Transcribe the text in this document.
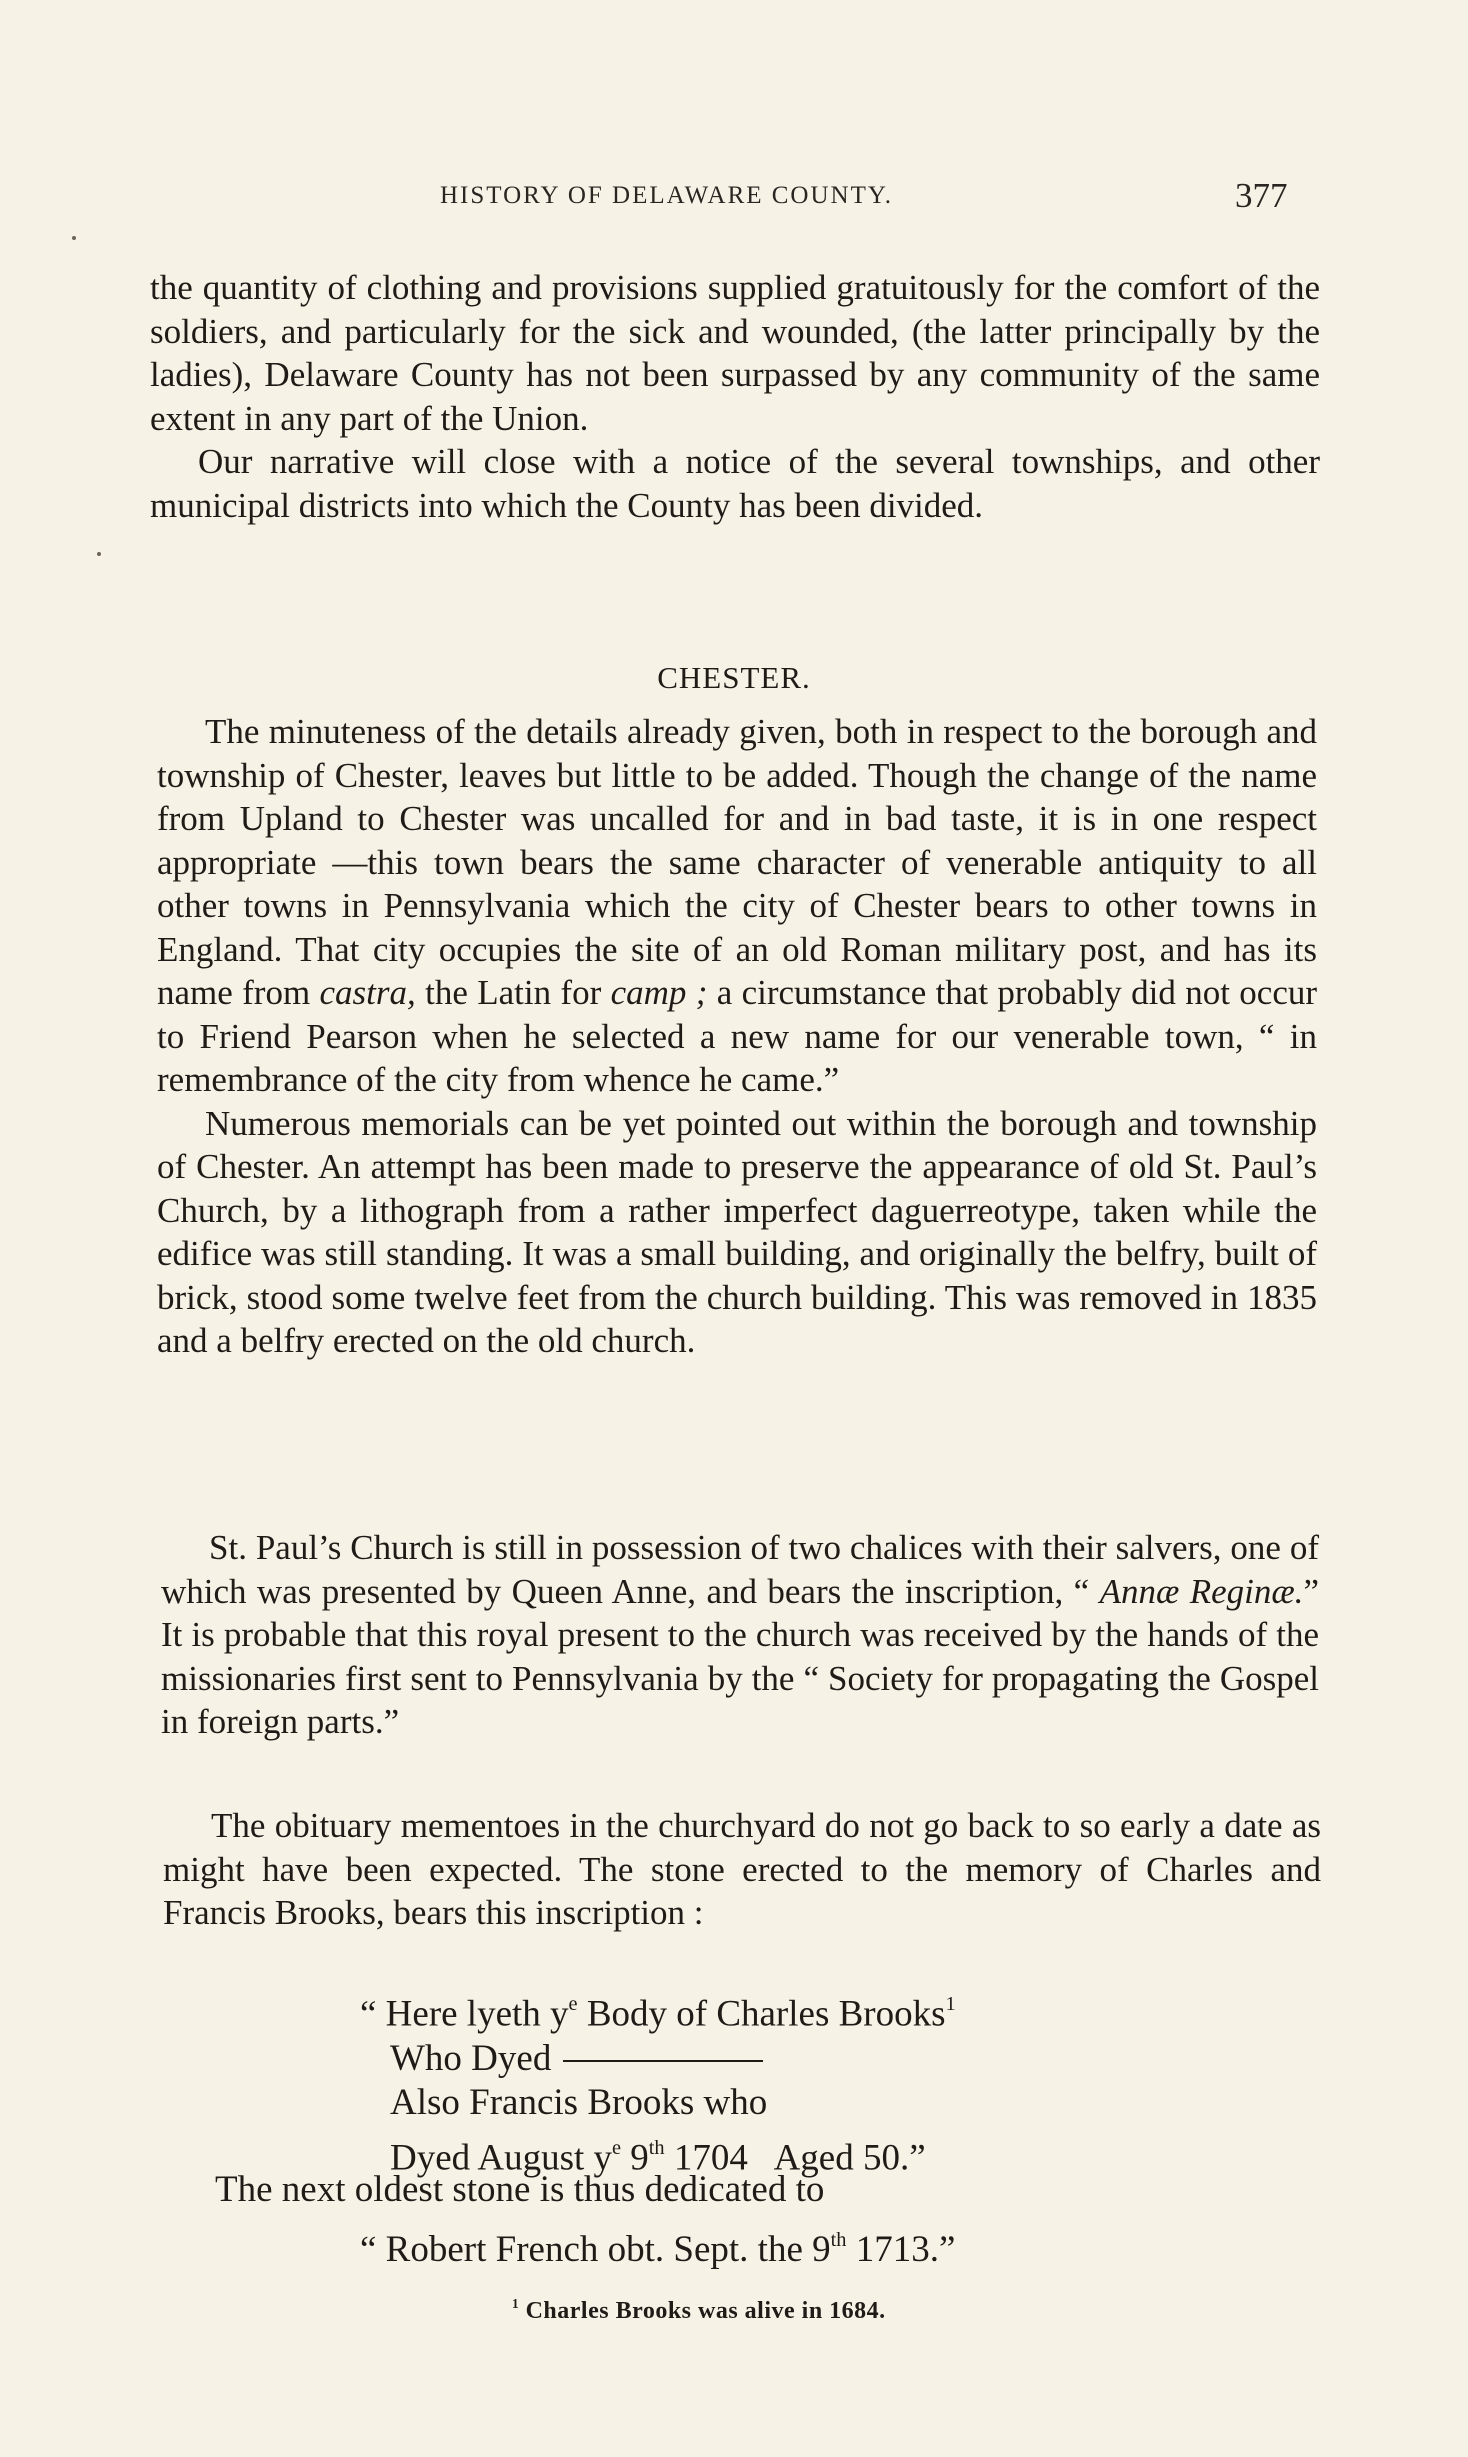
HISTORY OF DELAWARE COUNTY.	377

the quantity of clothing and provisions supplied gratuitously for the comfort of the soldiers, and particularly for the sick and wounded, (the latter principally by the ladies), Delaware County has not been surpassed by any community of the same extent in any part of the Union.

Our narrative will close with a notice of the several townships, and other municipal districts into which the County has been divided.

CHESTER.

The minuteness of the details already given, both in respect to the borough and township of Chester, leaves but little to be added. Though the change of the name from Upland to Chester was uncalled for and in bad taste, it is in one respect appropriate —this town bears the same character of venerable antiquity to all other towns in Pennsylvania which the city of Chester bears to other towns in England. That city occupies the site of an old Roman military post, and has its name from castra, the Latin for camp ; a circumstance that probably did not occur to Friend Pearson when he selected a new name for our venerable town, “ in remembrance of the city from whence he came.”

Numerous memorials can be yet pointed out within the borough and township of Chester. An attempt has been made to preserve the appearance of old St. Paul’s Church, by a lithograph from a rather imperfect daguerreotype, taken while the edifice was still standing. It was a small building, and originally the belfry, built of brick, stood some twelve feet from the church building. This was removed in 1835 and a belfry erected on the old church.

St. Paul’s Church is still in possession of two chalices with their salvers, one of which was presented by Queen Anne, and bears the inscription, “ Annæ Reginæ.” It is probable that this royal present to the church was received by the hands of the missionaries first sent to Pennsylvania by the “ Society for propagating the Gospel in foreign parts.”

The obituary mementoes in the churchyard do not go back to so early a date as might have been expected. The stone erected to the memory of Charles and Francis Brooks, bears this inscription :

“ Here lyeth $y^e$ Body of Charles Brooks$^1$
Who Dyed
Also Francis Brooks who
Dyed August $y^e$ 9th 1704   Aged 50.”
The next oldest stone is thus dedicated to
“ Robert French obt. Sept. the 9th 1713.”
$^1$ Charles Brooks was alive in 1684.
